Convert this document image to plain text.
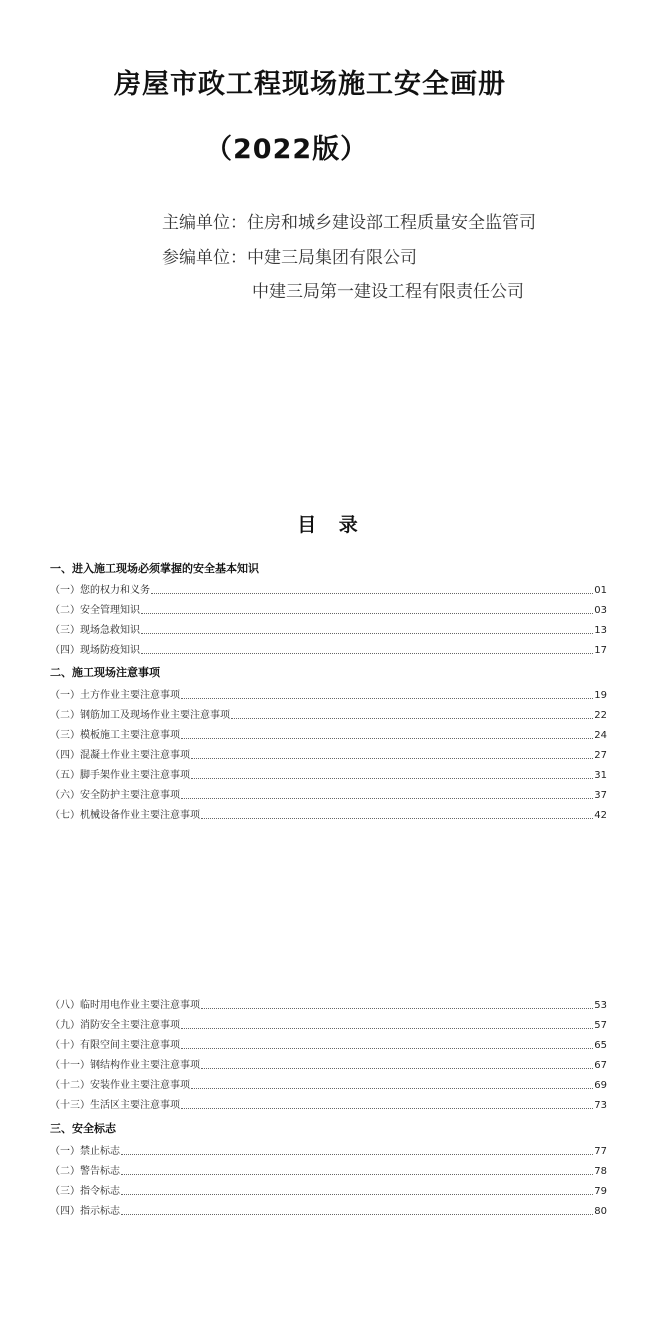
房屋市政工程现场施工安全画册
（2022版）
主编单位：住房和城乡建设部工程质量安全监管司
参编单位：中建三局集团有限公司
中建三局第一建设工程有限责任公司
目 录
一、进入施工现场必须掌握的安全基本知识
（一）您的权力和义务	01
（二）安全管理知识	03
（三）现场急救知识	13
（四）现场防疫知识	17
二、施工现场注意事项
（一）土方作业主要注意事项	19
（二）钢筋加工及现场作业主要注意事项	22
（三）模板施工主要注意事项	24
（四）混凝土作业主要注意事项	27
（五）脚手架作业主要注意事项	31
（六）安全防护主要注意事项	37
（七）机械设备作业主要注意事项	42
（八）临时用电作业主要注意事项	53
（九）消防安全主要注意事项	57
（十）有限空间主要注意事项	65
（十一）钢结构作业主要注意事项	67
（十二）安装作业主要注意事项	69
（十三）生活区主要注意事项	73
三、安全标志
（一）禁止标志	77
（二）警告标志	78
（三）指令标志	79
（四）指示标志	80
